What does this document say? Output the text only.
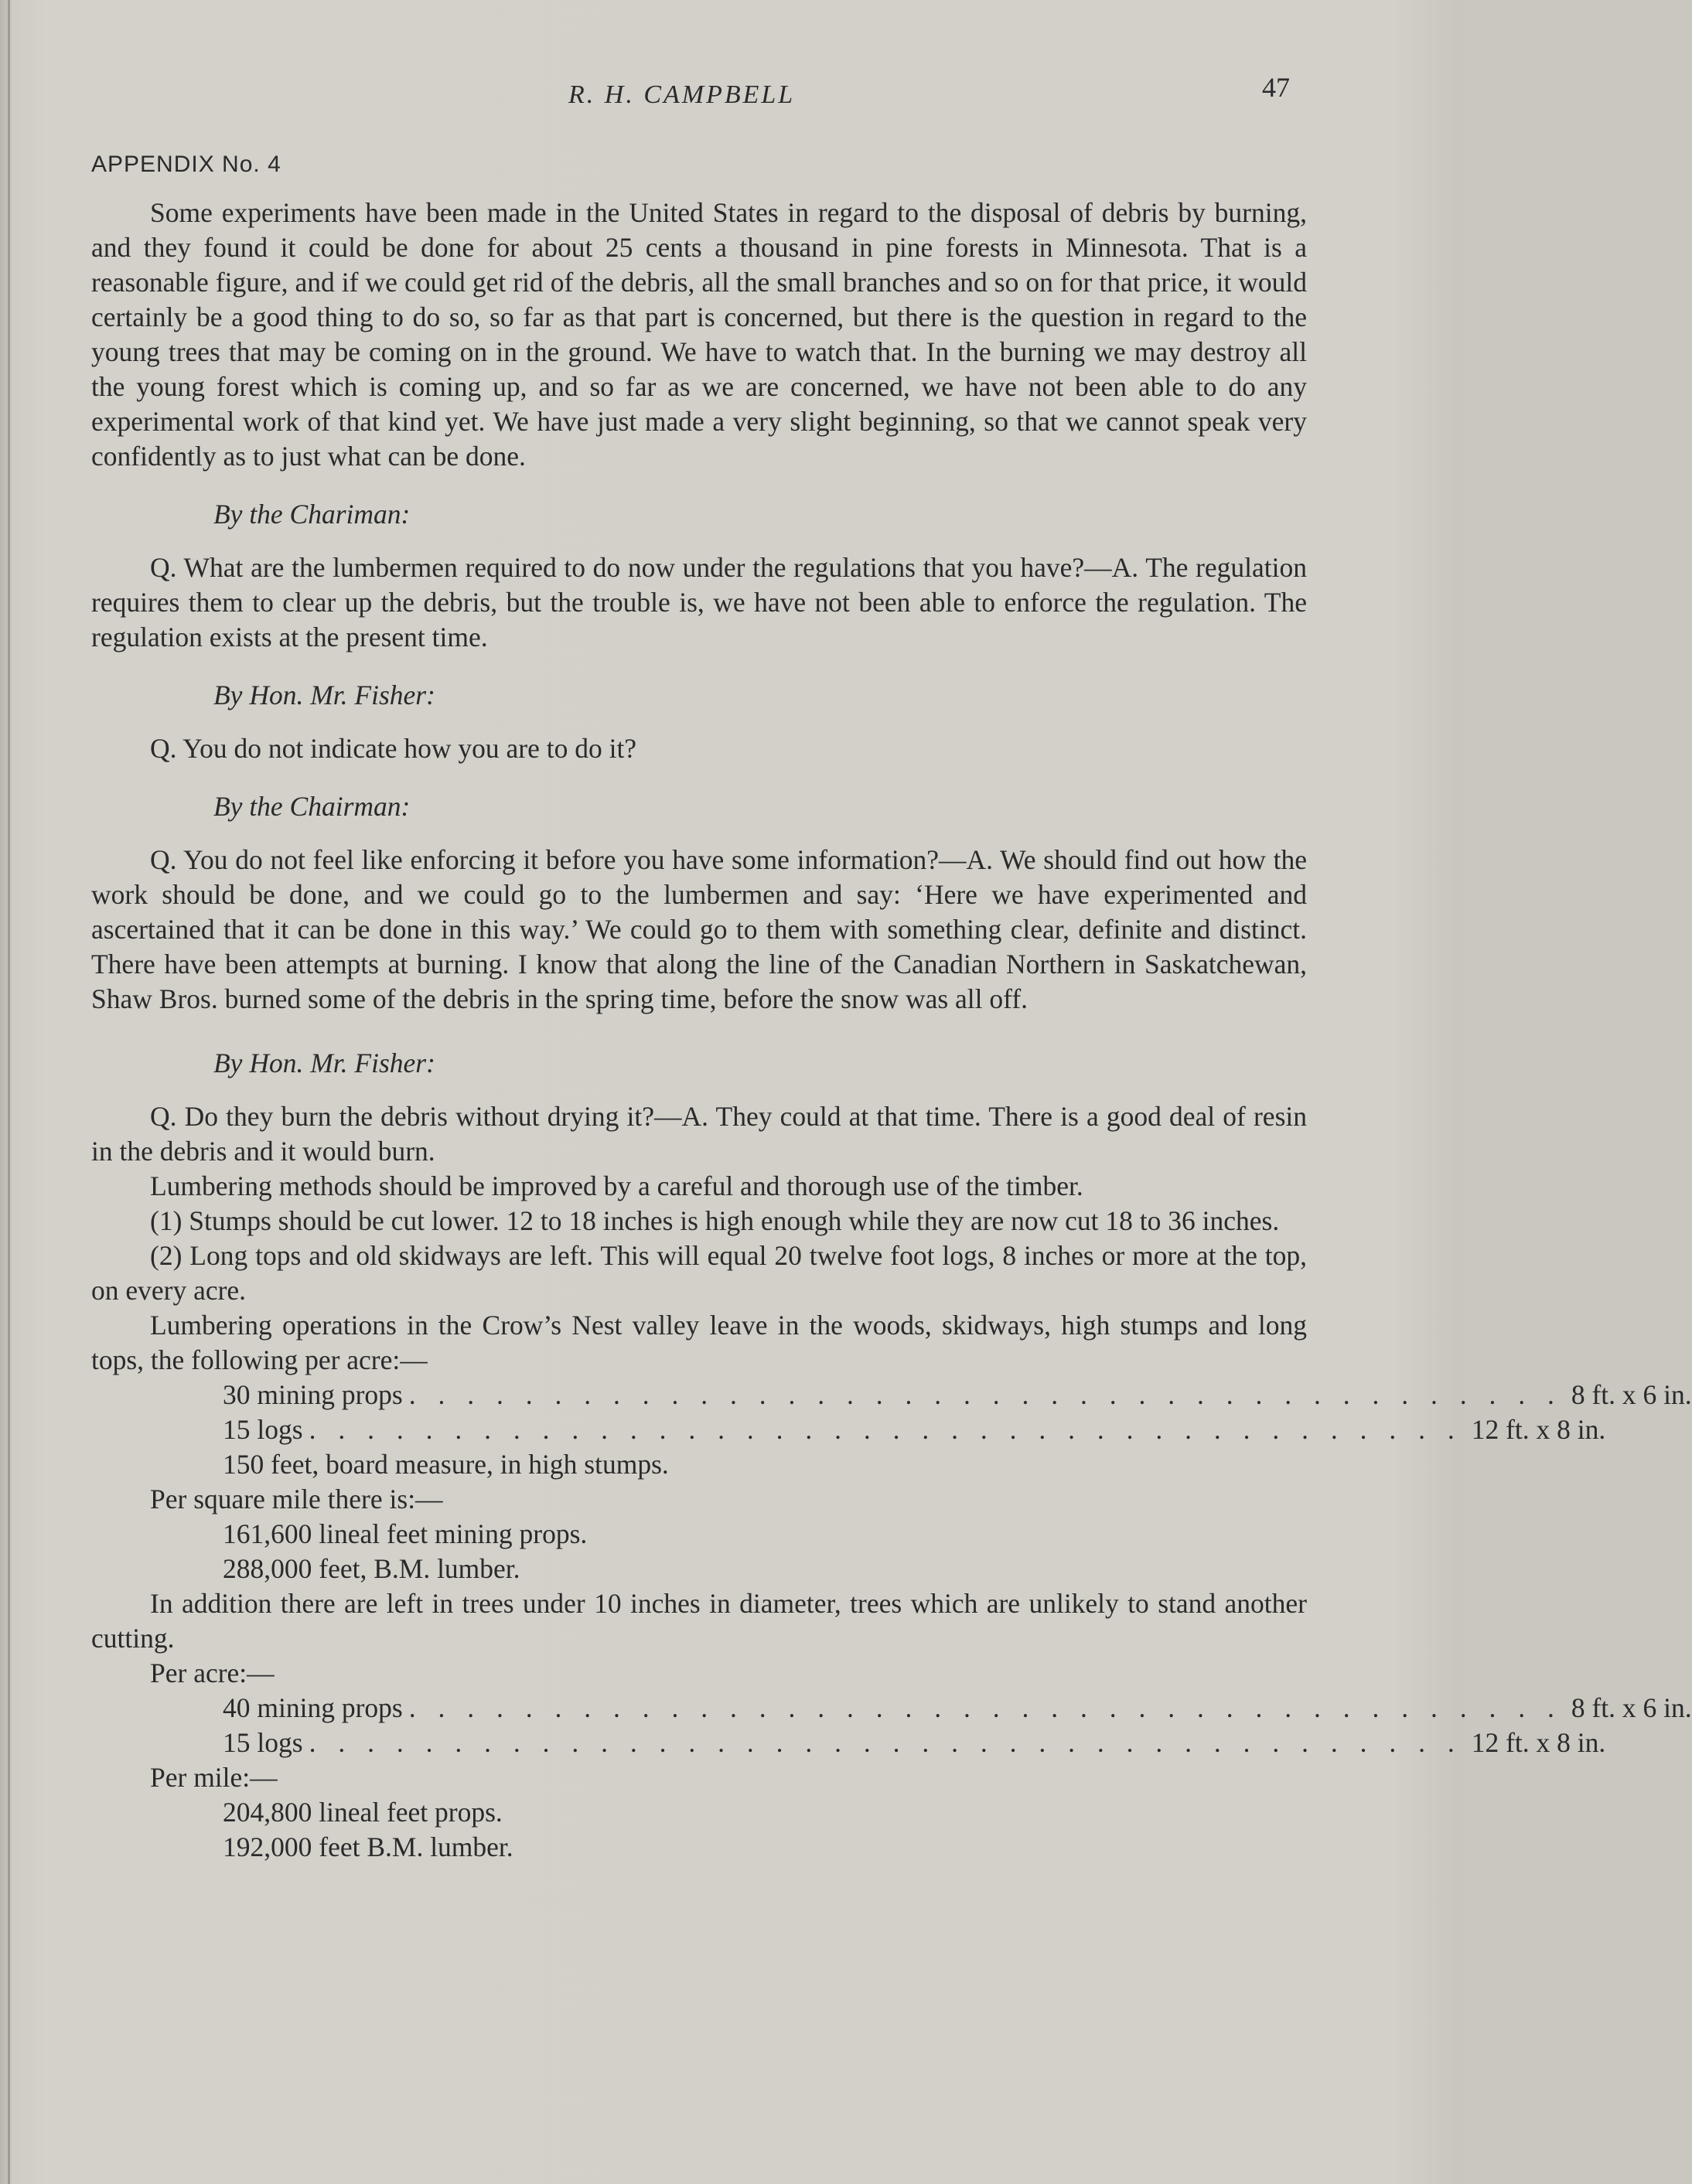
R. H. CAMPBELL	47
APPENDIX No. 4

Some experiments have been made in the United States in regard to the disposal of debris by burning, and they found it could be done for about 25 cents a thousand in pine forests in Minnesota. That is a reasonable figure, and if we could get rid of the debris, all the small branches and so on for that price, it would certainly be a good thing to do so, so far as that part is concerned, but there is the question in regard to the young trees that may be coming on in the ground. We have to watch that. In the burning we may destroy all the young forest which is coming up, and so far as we are concerned, we have not been able to do any experimental work of that kind yet. We have just made a very slight beginning, so that we cannot speak very confidently as to just what can be done.

By the Chariman:

Q. What are the lumbermen required to do now under the regulations that you have?—A. The regulation requires them to clear up the debris, but the trouble is, we have not been able to enforce the regulation. The regulation exists at the present time.

By Hon. Mr. Fisher:

Q. You do not indicate how you are to do it?

By the Chairman:

Q. You do not feel like enforcing it before you have some information?—A. We should find out how the work should be done, and we could go to the lumbermen and say: ‘Here we have experimented and ascertained that it can be done in this way.’ We could go to them with something clear, definite and distinct. There have been attempts at burning. I know that along the line of the Canadian Northern in Saskatchewan, Shaw Bros. burned some of the debris in the spring time, before the snow was all off.

By Hon. Mr. Fisher:

Q. Do they burn the debris without drying it?—A. They could at that time. There is a good deal of resin in the debris and it would burn.

Lumbering methods should be improved by a careful and thorough use of the timber.

(1) Stumps should be cut lower. 12 to 18 inches is high enough while they are now cut 18 to 36 inches.

(2) Long tops and old skidways are left. This will equal 20 twelve foot logs, 8 inches or more at the top, on every acre.

Lumbering operations in the Crow’s Nest valley leave in the woods, skidways, high stumps and long tops, the following per acre:—

30 mining props . . . . . . . . . . . . . . . . . . . . . . . . . . . . . . . . . . . . . . . . 8 ft. x 6 in.
15 logs . . . . . . . . . . . . . . . . . . . . . . . . . . . . . . . . . . . . . . . . 12 ft. x 8 in.
150 feet, board measure, in high stumps.
Per square mile there is:—
161,600 lineal feet mining props.
288,000 feet, B.M. lumber.

In addition there are left in trees under 10 inches in diameter, trees which are unlikely to stand another cutting.

Per acre:—
40 mining props . . . . . . . . . . . . . . . . . . . . . . . . . . . . . . . . . . . . . . . . 8 ft. x 6 in.
15 logs . . . . . . . . . . . . . . . . . . . . . . . . . . . . . . . . . . . . . . . . 12 ft. x 8 in.
Per mile:—
204,800 lineal feet props.
192,000 feet B.M. lumber.
